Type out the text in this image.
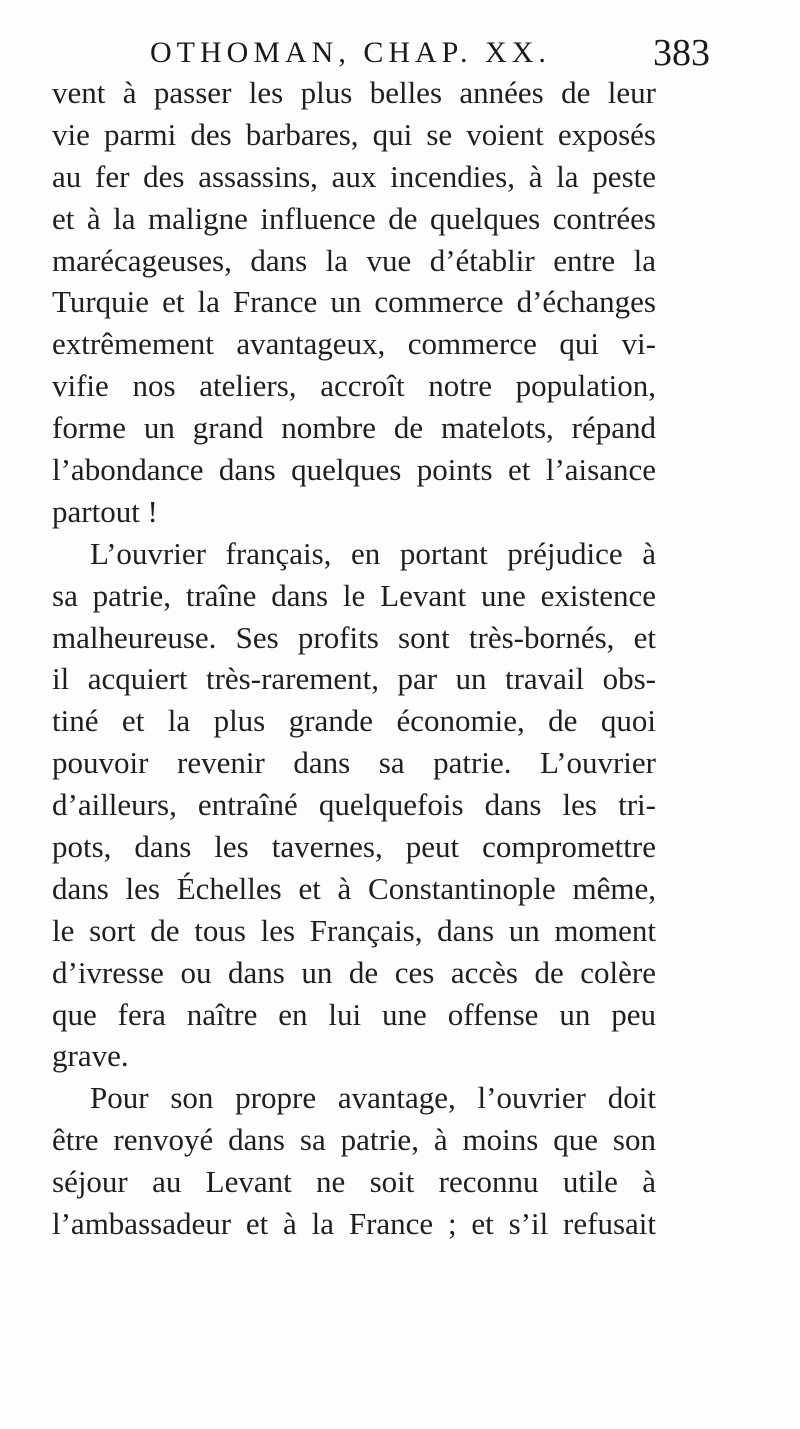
OTHOMAN, CHAP. XX.	383
vent à passer les plus belles années de leur
vie parmi des barbares, qui se voient exposés
au fer des assassins, aux incendies, à la peste
et à la maligne influence de quelques contrées
marécageuses, dans la vue d’établir entre la
Turquie et la France un commerce d’échanges
extrêmement avantageux, commerce qui vi-
vifie nos ateliers, accroît notre population,
forme un grand nombre de matelots, répand
l’abondance dans quelques points et l’aisance
partout !
L’ouvrier français, en portant préjudice à
sa patrie, traîne dans le Levant une existence
malheureuse. Ses profits sont très-bornés, et
il acquiert très-rarement, par un travail obs-
tiné et la plus grande économie, de quoi
pouvoir revenir dans sa patrie. L’ouvrier
d’ailleurs, entraîné quelquefois dans les tri-
pots, dans les tavernes, peut compromettre
dans les Échelles et à Constantinople même,
le sort de tous les Français, dans un moment
d’ivresse ou dans un de ces accès de colère
que fera naître en lui une offense un peu
grave.
Pour son propre avantage, l’ouvrier doit
être renvoyé dans sa patrie, à moins que son
séjour au Levant ne soit reconnu utile à
l’ambassadeur et à la France ; et s’il refusait
